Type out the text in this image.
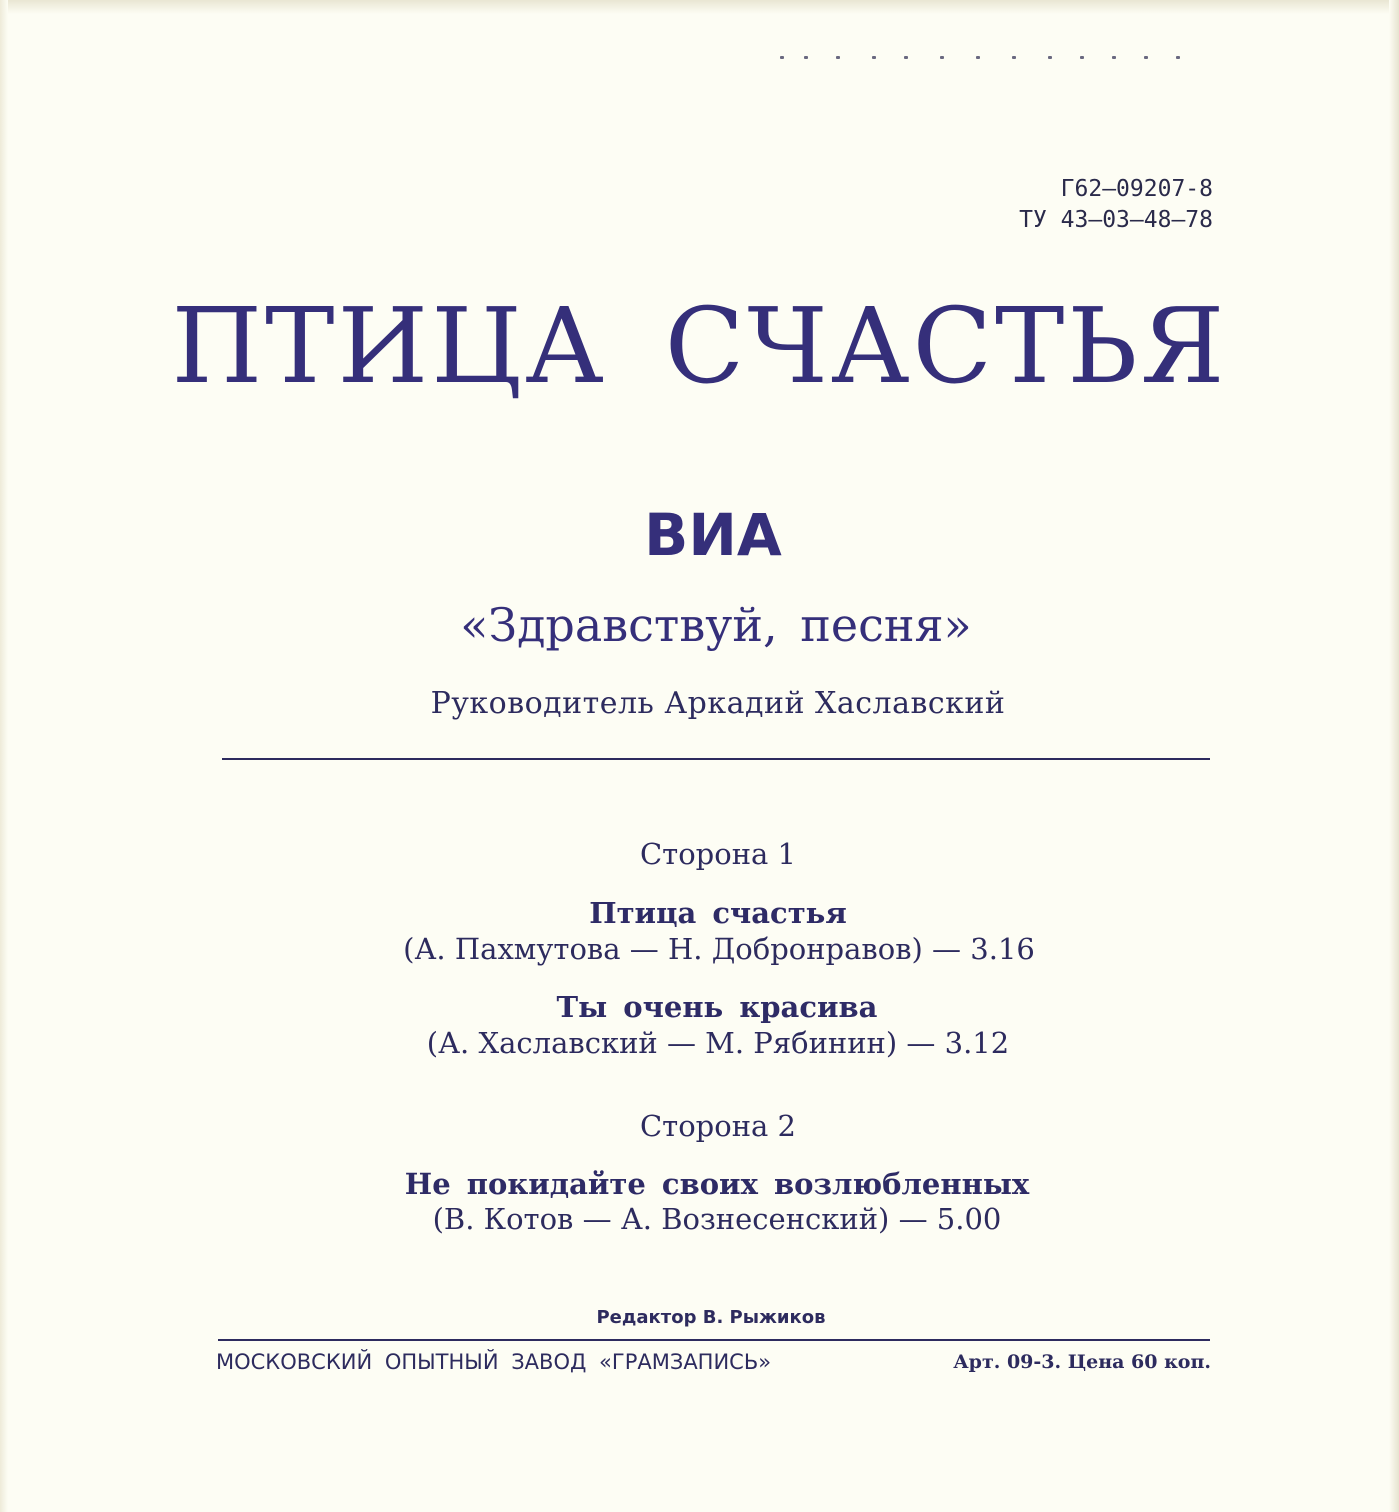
Г62—09207-8
ТУ 43—03—48—78
ПТИЦА СЧАСТЬЯ
ВИА
«Здравствуй, песня»
Руководитель Аркадий Хаславский
Сторона 1
Птица счастья
(А. Пахмутова — Н. Добронравов) — 3.16
Ты очень красива
(А. Хаславский — М. Рябинин) — 3.12
Сторона 2
Не покидайте своих возлюбленных
(В. Котов — А. Вознесенский) — 5.00
Редактор В. Рыжиков
МОСКОВСКИЙ ОПЫТНЫЙ ЗАВОД «ГРАМЗАПИСЬ»	Арт. 09-3. Цена 60 коп.
